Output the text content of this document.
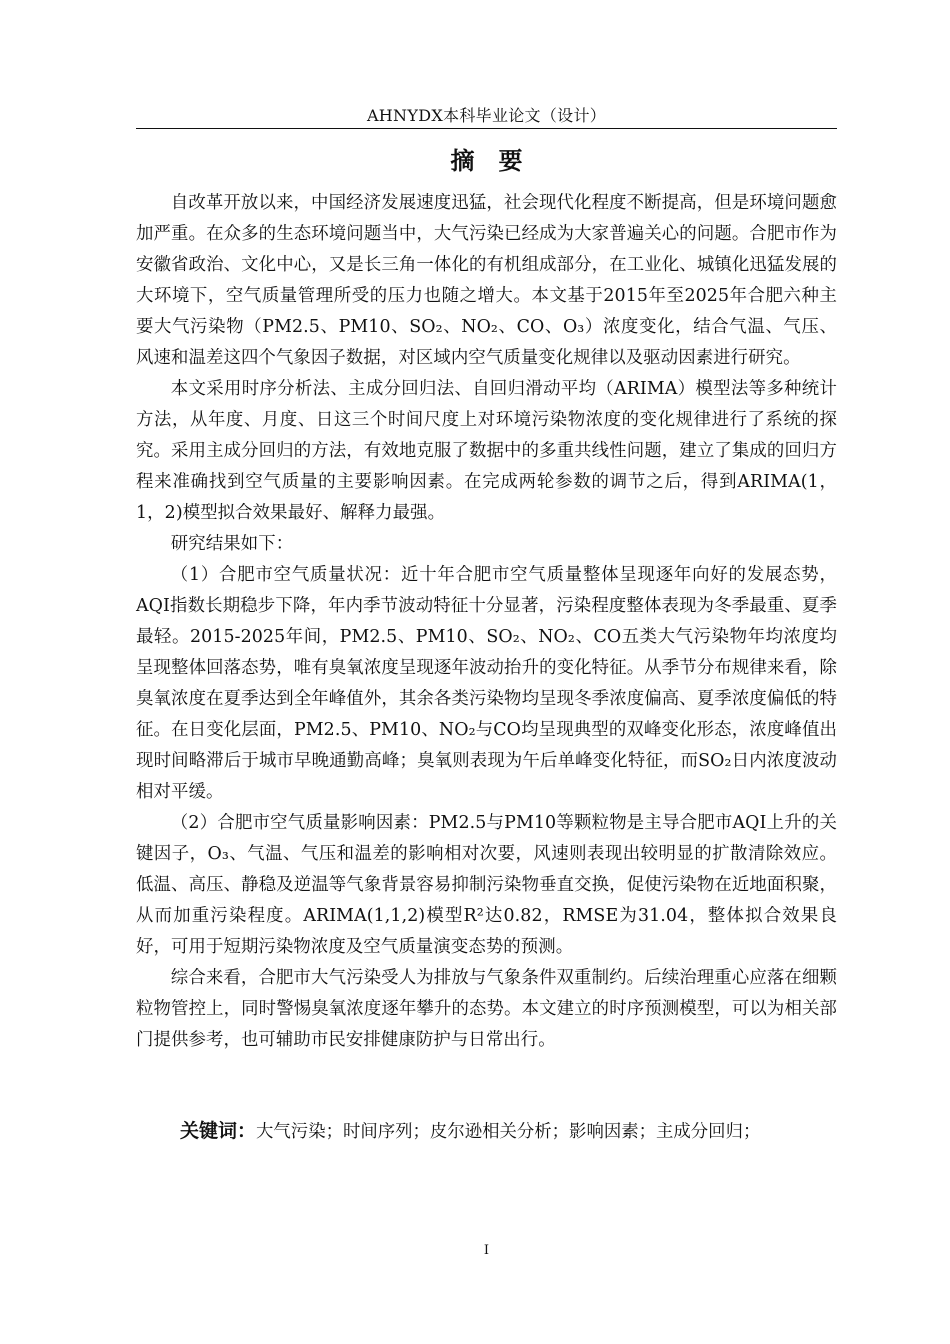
AHNYDX本科毕业论文（设计）
摘　要

自改革开放以来，中国经济发展速度迅猛，社会现代化程度不断提高，但是环境问题愈加严重。在众多的生态环境问题当中，大气污染已经成为大家普遍关心的问题。合肥市作为安徽省政治、文化中心，又是长三角一体化的有机组成部分，在工业化、城镇化迅猛发展的大环境下，空气质量管理所受的压力也随之增大。本文基于2015年至2025年合肥六种主要大气污染物（PM2.5、PM10、SO₂、NO₂、CO、O₃）浓度变化，结合气温、气压、风速和温差这四个气象因子数据，对区域内空气质量变化规律以及驱动因素进行研究。

本文采用时序分析法、主成分回归法、自回归滑动平均（ARIMA）模型法等多种统计方法，从年度、月度、日这三个时间尺度上对环境污染物浓度的变化规律进行了系统的探究。采用主成分回归的方法，有效地克服了数据中的多重共线性问题，建立了集成的回归方程来准确找到空气质量的主要影响因素。在完成两轮参数的调节之后，得到ARIMA(1，1，2)模型拟合效果最好、解释力最强。

研究结果如下：

（1）合肥市空气质量状况：近十年合肥市空气质量整体呈现逐年向好的发展态势，AQI指数长期稳步下降，年内季节波动特征十分显著，污染程度整体表现为冬季最重、夏季最轻。2015-2025年间，PM2.5、PM10、SO₂、NO₂、CO五类大气污染物年均浓度均呈现整体回落态势，唯有臭氧浓度呈现逐年波动抬升的变化特征。从季节分布规律来看，除臭氧浓度在夏季达到全年峰值外，其余各类污染物均呈现冬季浓度偏高、夏季浓度偏低的特征。在日变化层面，PM2.5、PM10、NO₂与CO均呈现典型的双峰变化形态，浓度峰值出现时间略滞后于城市早晚通勤高峰；臭氧则表现为午后单峰变化特征，而SO₂日内浓度波动相对平缓。

（2）合肥市空气质量影响因素：PM2.5与PM10等颗粒物是主导合肥市AQI上升的关键因子，O₃、气温、气压和温差的影响相对次要，风速则表现出较明显的扩散清除效应。低温、高压、静稳及逆温等气象背景容易抑制污染物垂直交换，促使污染物在近地面积聚，从而加重污染程度。ARIMA(1,1,2)模型R²达0.82，RMSE为31.04，整体拟合效果良好，可用于短期污染物浓度及空气质量演变态势的预测。

综合来看，合肥市大气污染受人为排放与气象条件双重制约。后续治理重心应落在细颗粒物管控上，同时警惕臭氧浓度逐年攀升的态势。本文建立的时序预测模型，可以为相关部门提供参考，也可辅助市民安排健康防护与日常出行。

关键词：大气污染；时间序列；皮尔逊相关分析；影响因素；主成分回归；
I
